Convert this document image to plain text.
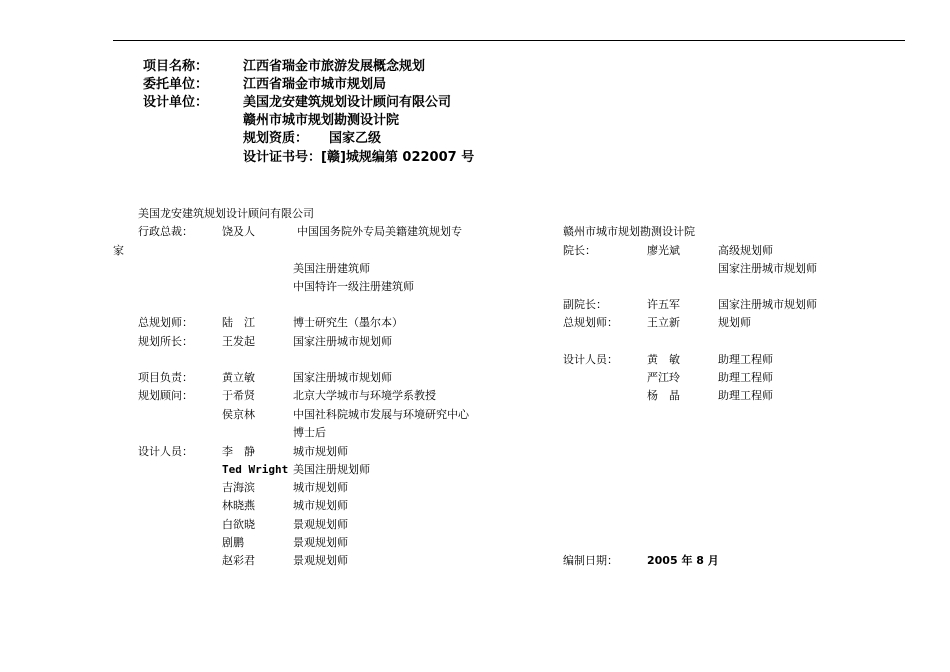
项目名称：	江西省瑞金市旅游发展概念规划
委托单位：	江西省瑞金市城市规划局
设计单位：	美国龙安建筑规划设计顾问有限公司
赣州市城市规划勘测设计院
规划资质： 国家乙级
设计证书号：[赣]城规编第 022007 号
美国龙安建筑规划设计顾问有限公司
行政总裁：	饶及人	中国国务院外专局美籍建筑规划专
家
美国注册建筑师
中国特许一级注册建筑师
总规划师：	陆　江	博士研究生（墨尔本）
规划所长：	王发起	国家注册城市规划师
项目负责：	黄立敏	国家注册城市规划师
规划顾问：	于希贤	北京大学城市与环境学系教授
侯京林	中国社科院城市发展与环境研究中心
博士后
设计人员：	李　静	城市规划师
Ted Wright 美国注册规划师
吉海滨	城市规划师
林晓燕	城市规划师
白欲晓	景观规划师
剧鹏	景观规划师
赵彩君	景观规划师
赣州市城市规划勘测设计院
院长：	廖光斌	高级规划师
国家注册城市规划师
副院长：	许五军	国家注册城市规划师
总规划师：	王立新	规划师
设计人员：	黄　敏	助理工程师
严江玲	助理工程师
杨　晶	助理工程师
编制日期：	2005 年 8 月
